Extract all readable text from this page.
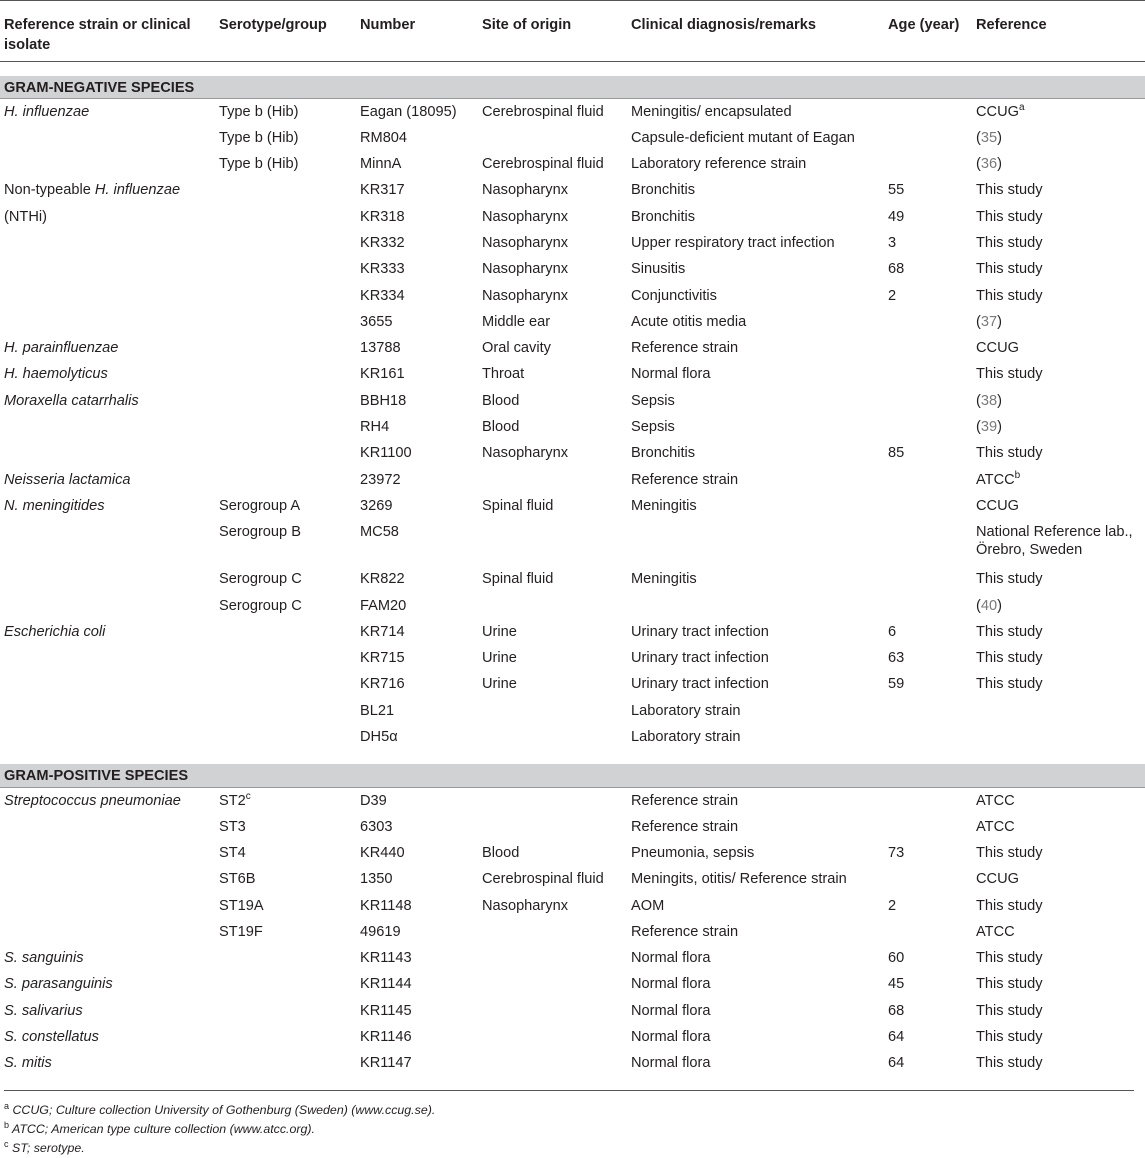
Reference strain or clinical isolate	Serotype/group	Number	Site of origin	Clinical diagnosis/remarks	Age (year)	Reference

GRAM-NEGATIVE SPECIES						
H. influenzae	Type b (Hib)	Eagan (18095)	Cerebrospinal fluid	Meningitis/ encapsulated		CCUG$^a$
	Type b (Hib)	RM804		Capsule-deficient mutant of Eagan		(35)
	Type b (Hib)	MinnA	Cerebrospinal fluid	Laboratory reference strain		(36)
Non-typeable H. influenzae		KR317	Nasopharynx	Bronchitis	55	This study
(NTHi)		KR318	Nasopharynx	Bronchitis	49	This study
		KR332	Nasopharynx	Upper respiratory tract infection	3	This study
		KR333	Nasopharynx	Sinusitis	68	This study
		KR334	Nasopharynx	Conjunctivitis	2	This study
		3655	Middle ear	Acute otitis media		(37)
H. parainfluenzae		13788	Oral cavity	Reference strain		CCUG
H. haemolyticus		KR161	Throat	Normal flora		This study
Moraxella catarrhalis		BBH18	Blood	Sepsis		(38)
		RH4	Blood	Sepsis		(39)
		KR1100	Nasopharynx	Bronchitis	85	This study
Neisseria lactamica		23972		Reference strain		ATCC$^b$
N. meningitides	Serogroup A	3269	Spinal fluid	Meningitis		CCUG
	Serogroup B	MC58				National Reference lab.,
Örebro, Sweden
	Serogroup C	KR822	Spinal fluid	Meningitis		This study
	Serogroup C	FAM20				(40)
Escherichia coli		KR714	Urine	Urinary tract infection	6	This study
		KR715	Urine	Urinary tract infection	63	This study
		KR716	Urine	Urinary tract infection	59	This study
		BL21		Laboratory strain		
		DH5α		Laboratory strain		

GRAM-POSITIVE SPECIES						
Streptococcus pneumoniae	ST2$^c$	D39		Reference strain		ATCC
	ST3	6303		Reference strain		ATCC
	ST4	KR440	Blood	Pneumonia, sepsis	73	This study
	ST6B	1350	Cerebrospinal fluid	Meningits, otitis/ Reference strain		CCUG
	ST19A	KR1148	Nasopharynx	AOM	2	This study
	ST19F	49619		Reference strain		ATCC
S. sanguinis		KR1143		Normal flora	60	This study
S. parasanguinis		KR1144		Normal flora	45	This study
S. salivarius		KR1145		Normal flora	68	This study
S. constellatus		KR1146		Normal flora	64	This study
S. mitis		KR1147		Normal flora	64	This study

$^a$ CCUG; Culture collection University of Gothenburg (Sweden) (www.ccug.se).
$^b$ ATCC; American type culture collection (www.atcc.org).
$^c$ ST; serotype.
